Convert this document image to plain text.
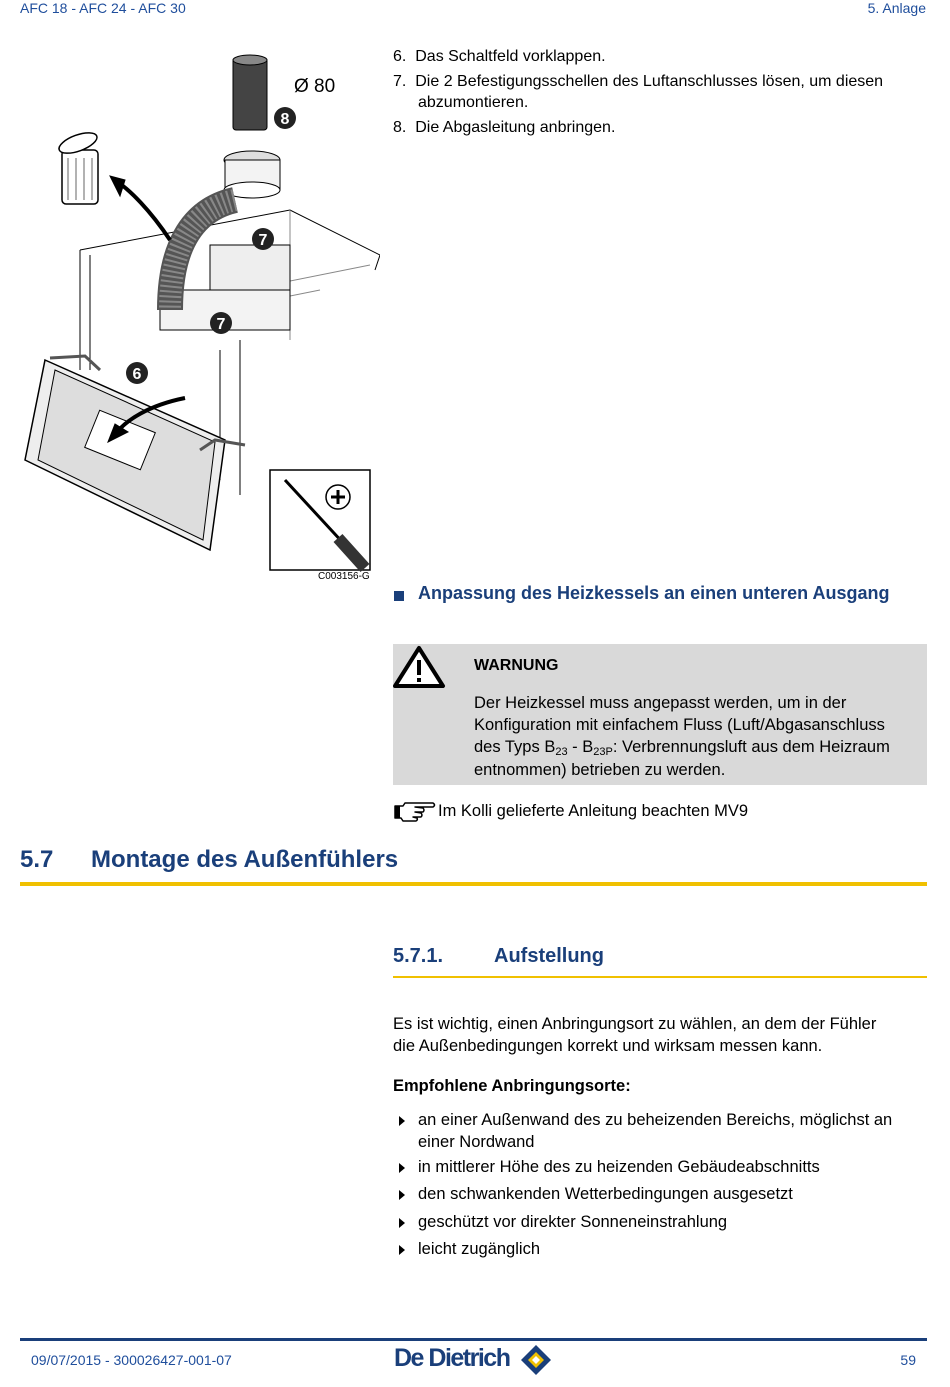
AFC 18 - AFC 24 - AFC 30	5. Anlage
8
7
7
6
Ø 80
C003156-G
6. Das Schaltfeld vorklappen.
7. Die 2 Befestigungsschellen des Luftanschlusses lösen, um diesen
abzumontieren.
8. Die Abgasleitung anbringen.
Anpassung des Heizkessels an einen unteren Ausgang
WARNUNG
Der Heizkessel muss angepasst werden, um in der
Konfiguration mit einfachem Fluss (Luft/Abgasanschluss
des Typs $B_{23} - B_{23P}$: Verbrennungsluft aus dem Heizraum
entnommen) betrieben zu werden.
Im Kolli gelieferte Anleitung beachten MV9
5.7 Montage des Außenfühlers
5.7.1.	Aufstellung
Es ist wichtig, einen Anbringungsort zu wählen, an dem der Fühler
die Außenbedingungen korrekt und wirksam messen kann.
Empfohlene Anbringungsorte:
an einer Außenwand des zu beheizenden Bereichs, möglichst an
einer Nordwand
in mittlerer Höhe des zu heizenden Gebäudeabschnitts
den schwankenden Wetterbedingungen ausgesetzt
geschützt vor direkter Sonneneinstrahlung
leicht zugänglich
09/07/2015 - 300026427-001-07	De Dietrich	59
